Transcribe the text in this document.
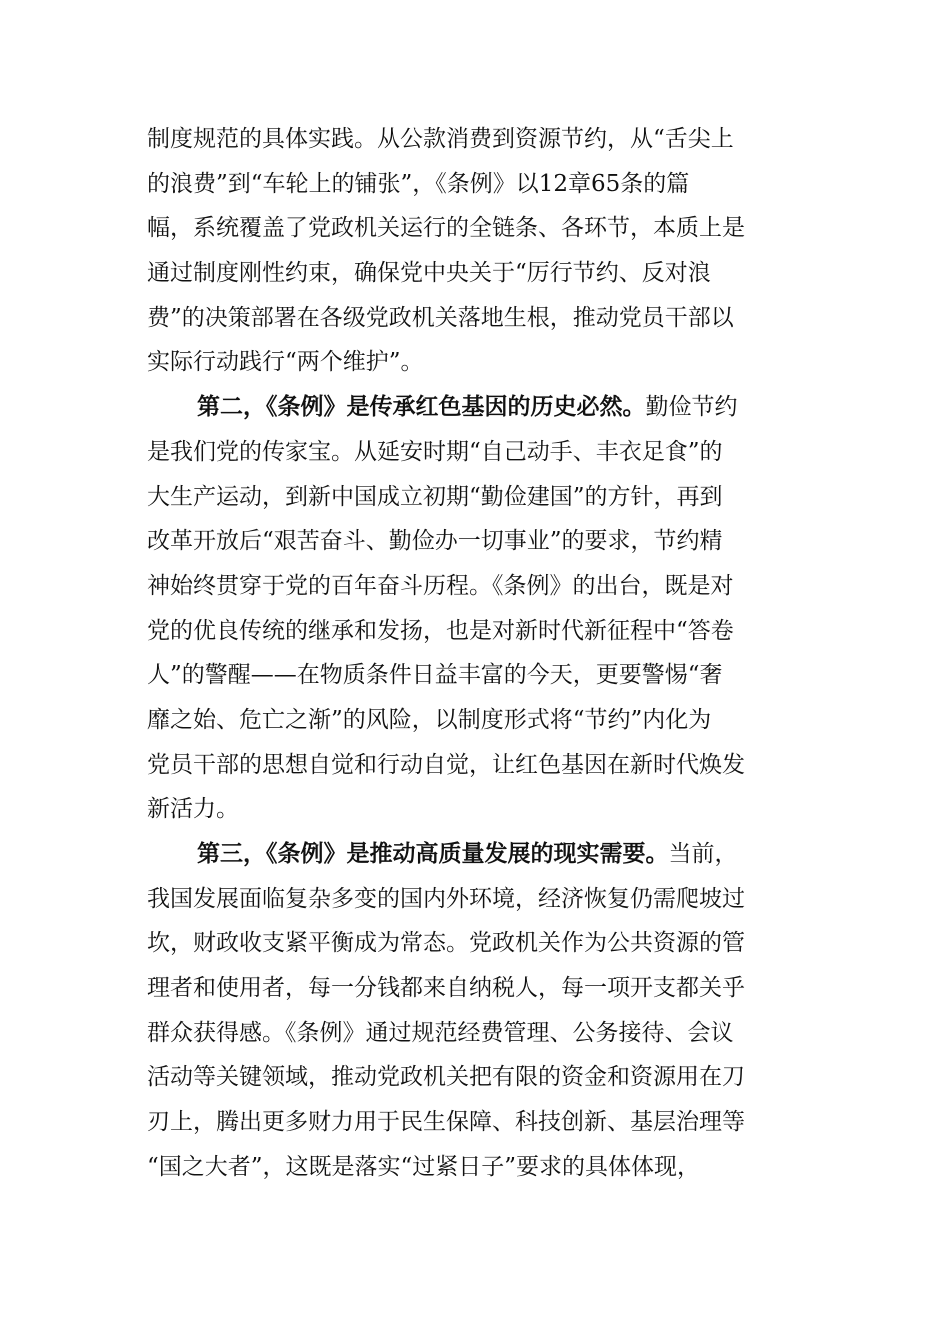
制度规范的具体实践。从公款消费到资源节约，从“舌尖上
的浪费”到“车轮上的铺张”，《条例》以12章65条的篇
幅，系统覆盖了党政机关运行的全链条、各环节，本质上是
通过制度刚性约束，确保党中央关于“厉行节约、反对浪
费”的决策部署在各级党政机关落地生根，推动党员干部以
实际行动践行“两个维护”。
第二，《条例》是传承红色基因的历史必然。勤俭节约
是我们党的传家宝。从延安时期“自己动手、丰衣足食”的
大生产运动，到新中国成立初期“勤俭建国”的方针，再到
改革开放后“艰苦奋斗、勤俭办一切事业”的要求，节约精
神始终贯穿于党的百年奋斗历程。《条例》的出台，既是对
党的优良传统的继承和发扬，也是对新时代新征程中“答卷
人”的警醒——在物质条件日益丰富的今天，更要警惕“奢
靡之始、危亡之渐”的风险，以制度形式将“节约”内化为
党员干部的思想自觉和行动自觉，让红色基因在新时代焕发
新活力。
第三，《条例》是推动高质量发展的现实需要。当前，
我国发展面临复杂多变的国内外环境，经济恢复仍需爬坡过
坎，财政收支紧平衡成为常态。党政机关作为公共资源的管
理者和使用者，每一分钱都来自纳税人，每一项开支都关乎
群众获得感。《条例》通过规范经费管理、公务接待、会议
活动等关键领域，推动党政机关把有限的资金和资源用在刀
刃上，腾出更多财力用于民生保障、科技创新、基层治理等
“国之大者”，这既是落实“过紧日子”要求的具体体现，
